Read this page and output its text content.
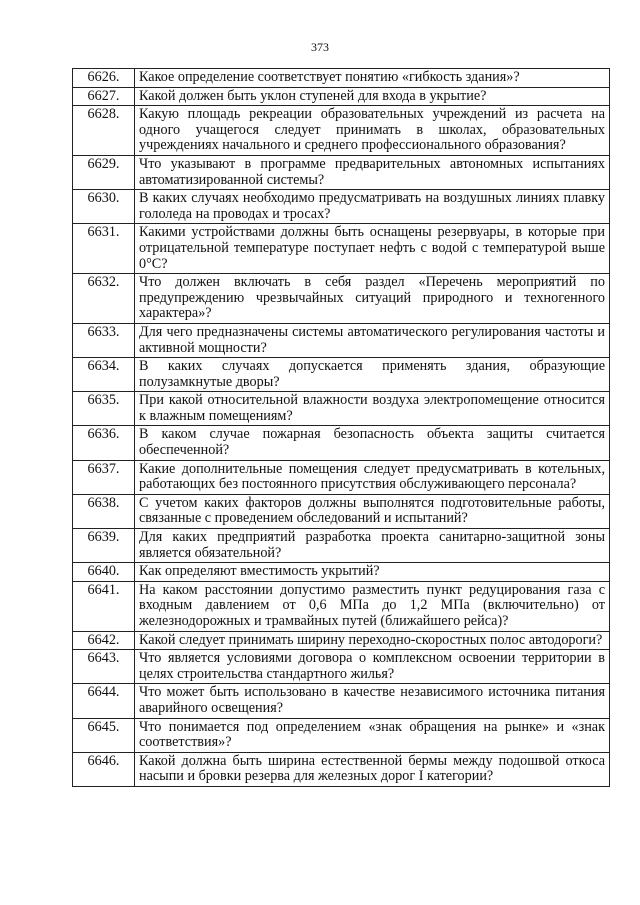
373
6626.	Какое определение соответствует понятию «гибкость здания»?
6627.	Какой должен быть уклон ступеней для входа в укрытие?
6628.	Какую площадь рекреации образовательных учреждений из расчета на одного учащегося следует принимать в школах, образовательных учреждениях начального и среднего профессионального образования?
6629.	Что указывают в программе предварительных автономных испытаниях автоматизированной системы?
6630.	В каких случаях необходимо предусматривать на воздушных линиях плавку гололеда на проводах и тросах?
6631.	Какими устройствами должны быть оснащены резервуары, в которые при отрицательной температуре поступает нефть с водой с температурой выше 0°С?
6632.	Что должен включать в себя раздел «Перечень мероприятий по предупреждению чрезвычайных ситуаций природного и техногенного характера»?
6633.	Для чего предназначены системы автоматического регулирования частоты и активной мощности?
6634.	В каких случаях допускается применять здания, образующие полузамкнутые дворы?
6635.	При какой относительной влажности воздуха электропомещение относится к влажным помещениям?
6636.	В каком случае пожарная безопасность объекта защиты считается обеспеченной?
6637.	Какие дополнительные помещения следует предусматривать в котельных, работающих без постоянного присутствия обслуживающего персонала?
6638.	С учетом каких факторов должны выполнятся подготовительные работы, связанные с проведением обследований и испытаний?
6639.	Для каких предприятий разработка проекта санитарно-защитной зоны является обязательной?
6640.	Как определяют вместимость укрытий?
6641.	На каком расстоянии допустимо разместить пункт редуцирования газа с входным давлением от 0,6 МПа до 1,2 МПа (включительно) от железнодорожных и трамвайных путей (ближайшего рейса)?
6642.	Какой следует принимать ширину переходно-скоростных полос автодороги?
6643.	Что является условиями договора о комплексном освоении территории в целях строительства стандартного жилья?
6644.	Что может быть использовано в качестве независимого источника питания аварийного освещения?
6645.	Что понимается под определением «знак обращения на рынке» и «знак соответствия»?
6646.	Какой должна быть ширина естественной бермы между подошвой откоса насыпи и бровки резерва для железных дорог I категории?
